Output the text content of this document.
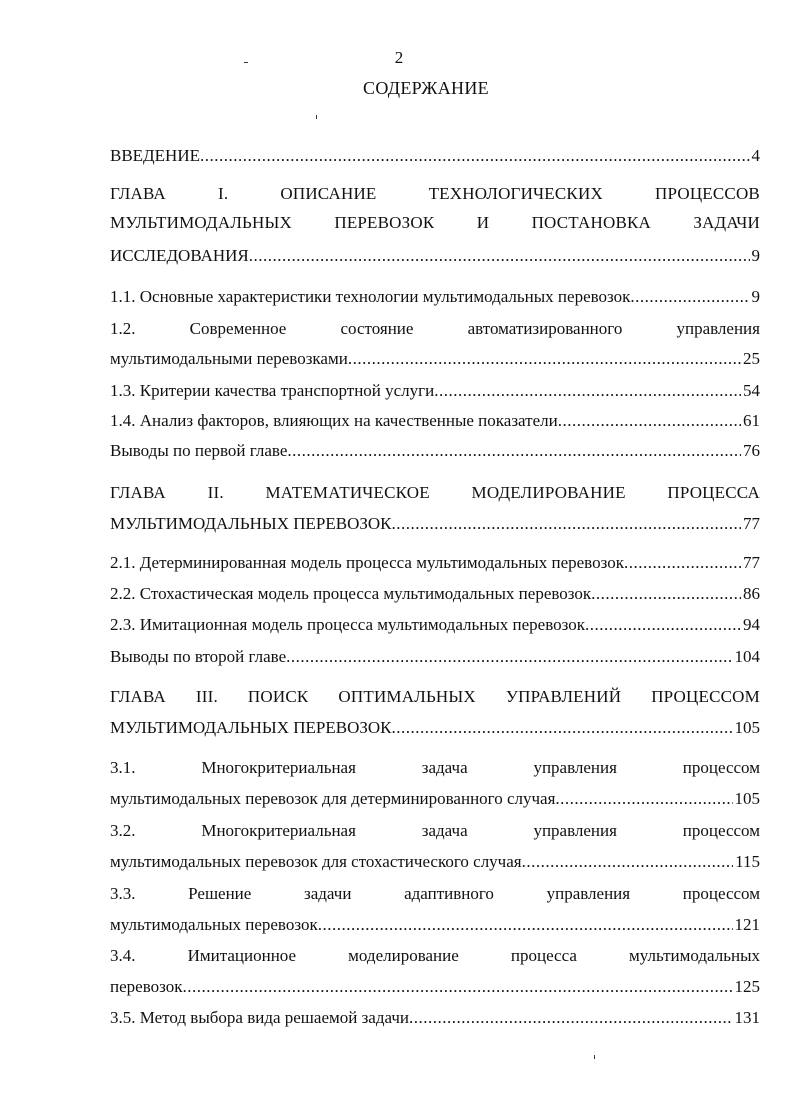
2
СОДЕРЖАНИЕ
ВВЕДЕНИЕ .....	4
ГЛАВА	I.	ОПИСАНИЕ	ТЕХНОЛОГИЧЕСКИХ	ПРОЦЕССОВ
МУЛЬТИМОДАЛЬНЫХ ПЕРЕВОЗОК И ПОСТАНОВКА ЗАДАЧИ
ИССЛЕДОВАНИЯ .....	9
1.1. Основные характеристики технологии мультимодальных перевозок .....	9
1.2.	Современное	состояние	автоматизированного	управления
мультимодальными перевозками .....	25
1.3. Критерии качества транспортной услуги .....	54
1.4. Анализ факторов, влияющих на качественные показатели .....	61
Выводы по первой главе .....	76
ГЛАВА II. МАТЕМАТИЧЕСКОЕ МОДЕЛИРОВАНИЕ ПРОЦЕССА
МУЛЬТИМОДАЛЬНЫХ ПЕРЕВОЗОК .....	77
2.1. Детерминированная модель процесса мультимодальных перевозок .....	77
2.2. Стохастическая модель процесса мультимодальных перевозок .....	86
2.3. Имитационная модель процесса мультимодальных перевозок .....	94
Выводы по второй главе .....	104
ГЛАВА III. ПОИСК ОПТИМАЛЬНЫХ УПРАВЛЕНИЙ ПРОЦЕССОМ
МУЛЬТИМОДАЛЬНЫХ ПЕРЕВОЗОК .....	105
3.1.	Многокритериальная	задача	управления	процессом
мультимодальных перевозок для детерминированного случая .....	105
3.2.	Многокритериальная	задача	управления	процессом
мультимодальных перевозок для стохастического случая .....	115
3.3.	Решение	задачи	адаптивного	управления	процессом
мультимодальных перевозок .....	121
3.4.	Имитационное	моделирование	процесса	мультимодальных
перевозок .....	125
3.5. Метод выбора вида решаемой задачи .....	131
